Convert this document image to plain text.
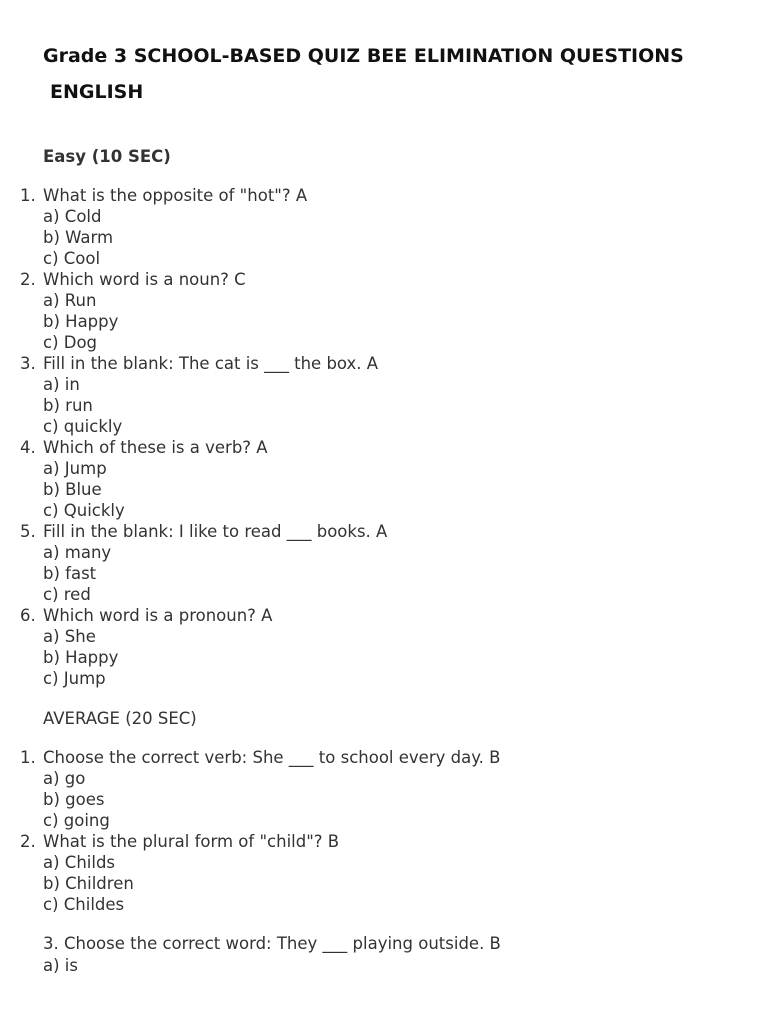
Grade 3 SCHOOL-BASED QUIZ BEE ELIMINATION QUESTIONS
ENGLISH
Easy (10 SEC)
1. What is the opposite of "hot"? A
a) Cold
b) Warm
c) Cool
2. Which word is a noun? C
a) Run
b) Happy
c) Dog
3. Fill in the blank: The cat is ___ the box. A
a) in
b) run
c) quickly
4. Which of these is a verb? A
a) Jump
b) Blue
c) Quickly
5. Fill in the blank: I like to read ___ books. A
a) many
b) fast
c) red
6. Which word is a pronoun? A
a) She
b) Happy
c) Jump
AVERAGE (20 SEC)
1. Choose the correct verb: She ___ to school every day. B
a) go
b) goes
c) going
2. What is the plural form of "child"? B
a) Childs
b) Children
c) Childes
3. Choose the correct word: They ___ playing outside. B
a) is
